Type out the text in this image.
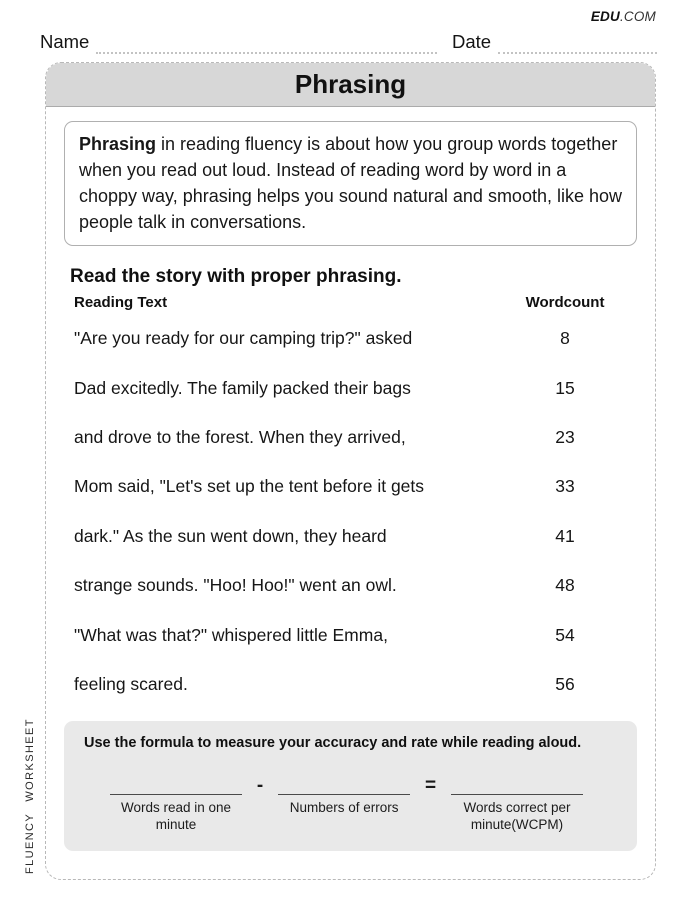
EDU.COM
Name	Date
FLUENCY WORKSHEET
Phrasing
Phrasing in reading fluency is about how you group words together when you read out loud. Instead of reading word by word in a choppy way, phrasing helps you sound natural and smooth, like how people talk in conversations.
Read the story with proper phrasing.
Reading Text	Wordcount
"Are you ready for our camping trip?" asked	8
Dad excitedly. The family packed their bags	15
and drove to the forest. When they arrived,	23
Mom said, "Let's set up the tent before it gets	33
dark." As the sun went down, they heard	41
strange sounds. "Hoo! Hoo!" went an owl.	48
"What was that?" whispered little Emma,	54
feeling scared.	56
Use the formula to measure your accuracy and rate while reading aloud.
Words read in one minute
-
Numbers of errors
=
Words correct per minute(WCPM)
